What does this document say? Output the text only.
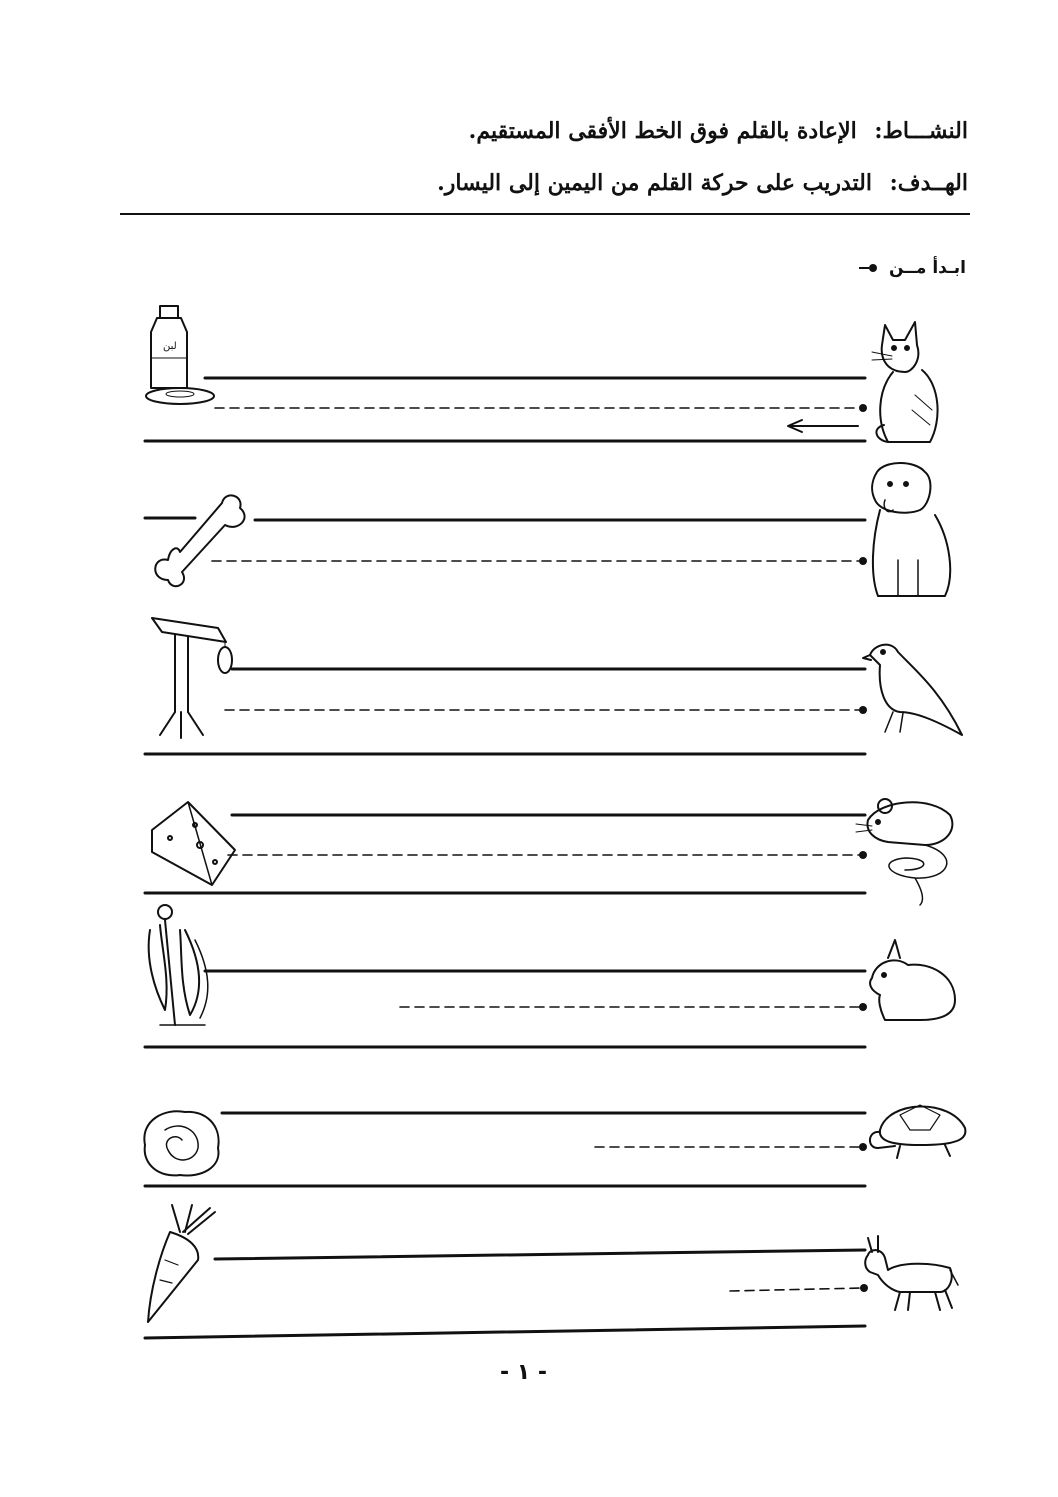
النشـــاط: الإعادة بالقلم فوق الخط الأفقى المستقيم.
الهــدف: التدريب على حركة القلم من اليمين إلى اليسار.
ابـدأ مــن
لبن
- ١ -
